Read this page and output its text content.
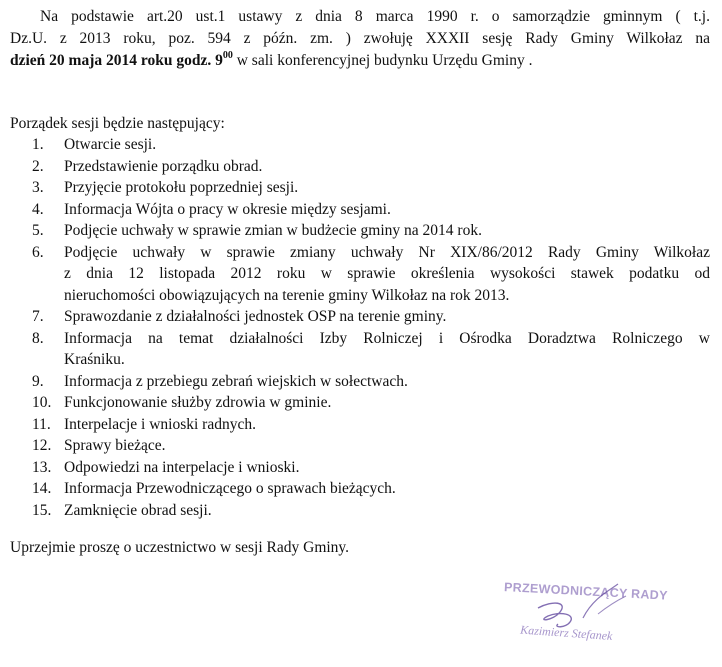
Na podstawie art.20 ust.1 ustawy z dnia 8 marca 1990 r. o samorządzie gminnym ( t.j.
Dz.U. z 2013 roku, poz. 594 z późn. zm. ) zwołuję XXXII sesję Rady Gminy Wilkołaz na
dzień 20 maja 2014 roku godz. $9^{00}$ w sali konferencyjnej budynku Urzędu Gminy .
Porządek sesji będzie następujący:
1.	Otwarcie sesji.
2.	Przedstawienie porządku obrad.
3.	Przyjęcie protokołu poprzedniej sesji.
4.	Informacja Wójta o pracy w okresie między sesjami.
5.	Podjęcie uchwały w sprawie zmian w budżecie gminy na 2014 rok.
6.	Podjęcie uchwały w sprawie zmiany uchwały Nr XIX/86/2012 Rady Gminy Wilkołaz
z dnia 12 listopada 2012 roku w sprawie określenia wysokości stawek podatku od
nieruchomości obowiązujących na terenie gminy Wilkołaz na rok 2013.
7.	Sprawozdanie z działalności jednostek OSP na terenie gminy.
8.	Informacja na temat działalności Izby Rolniczej i Ośrodka Doradztwa Rolniczego w
Kraśniku.
9.	Informacja z przebiegu zebrań wiejskich w sołectwach.
10. Funkcjonowanie służby zdrowia w gminie.
11. Interpelacje i wnioski radnych.
12. Sprawy bieżące.
13. Odpowiedzi na interpelacje i wnioski.
14. Informacja Przewodniczącego o sprawach bieżących.
15. Zamknięcie obrad sesji.
Uprzejmie proszę o uczestnictwo w sesji Rady Gminy.
PRZEWODNICZĄCY RADY
Kazimierz Stefanek
